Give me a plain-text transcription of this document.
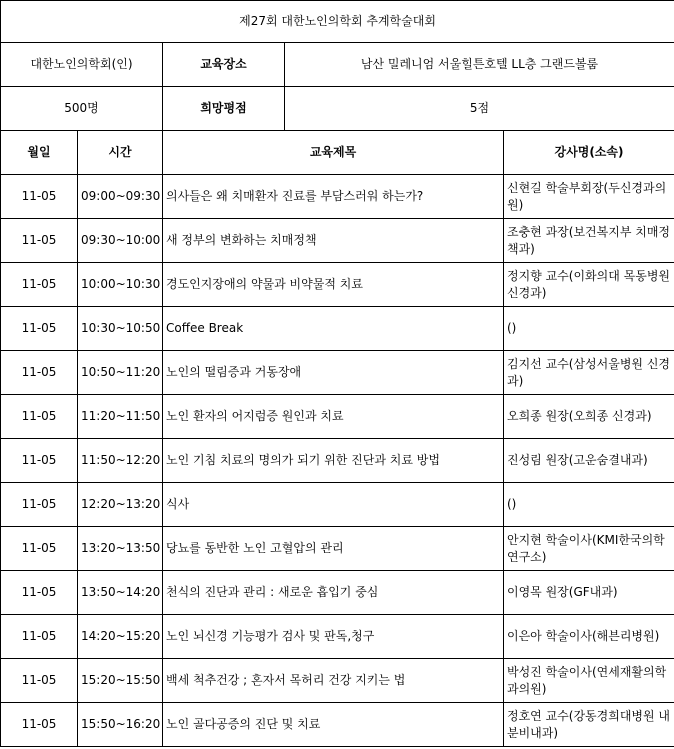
제27회 대한노인의학회 추계학술대회				
대한노인의학회(인)		교육장소	남산 밀레니엄 서울힐튼호텔 LL층 그랜드볼룸	
500명		희망평점	5점	
월일	시간	교육제목		강사명(소속)
11-05	09:00~09:30	의사들은 왜 치매환자 진료를 부담스러워 하는가?		신현길 학술부회장(두신경과의원)
11-05	09:30~10:00	새 정부의 변화하는 치매정책		조충현 과장(보건복지부 치매정책과)
11-05	10:00~10:30	경도인지장애의 약물과 비약물적 치료		정지향 교수(이화의대 목동병원 신경과)
11-05	10:30~10:50	Coffee Break		()
11-05	10:50~11:20	노인의 떨림증과 거동장애		김지선 교수(삼성서울병원 신경과)
11-05	11:20~11:50	노인 환자의 어지럼증 원인과 치료		오희종 원장(오희종 신경과)
11-05	11:50~12:20	노인 기침 치료의 명의가 되기 위한 진단과 치료 방법		진성림 원장(고운숨결내과)
11-05	12:20~13:20	식사		()
11-05	13:20~13:50	당뇨를 동반한 노인 고혈압의 관리		안지현 학술이사(KMI한국의학연구소)
11-05	13:50~14:20	천식의 진단과 관리 : 새로운 흡입기 중심		이영목 원장(GF내과)
11-05	14:20~15:20	노인 뇌신경 기능평가 검사 및 판독,청구		이은아 학술이사(해븐리병원)
11-05	15:20~15:50	백세 척추건강 ; 혼자서 목허리 건강 지키는 법		박성진 학술이사(연세재활의학과의원)
11-05	15:50~16:20	노인 골다공증의 진단 및 치료		정호연 교수(강동경희대병원 내분비내과)
